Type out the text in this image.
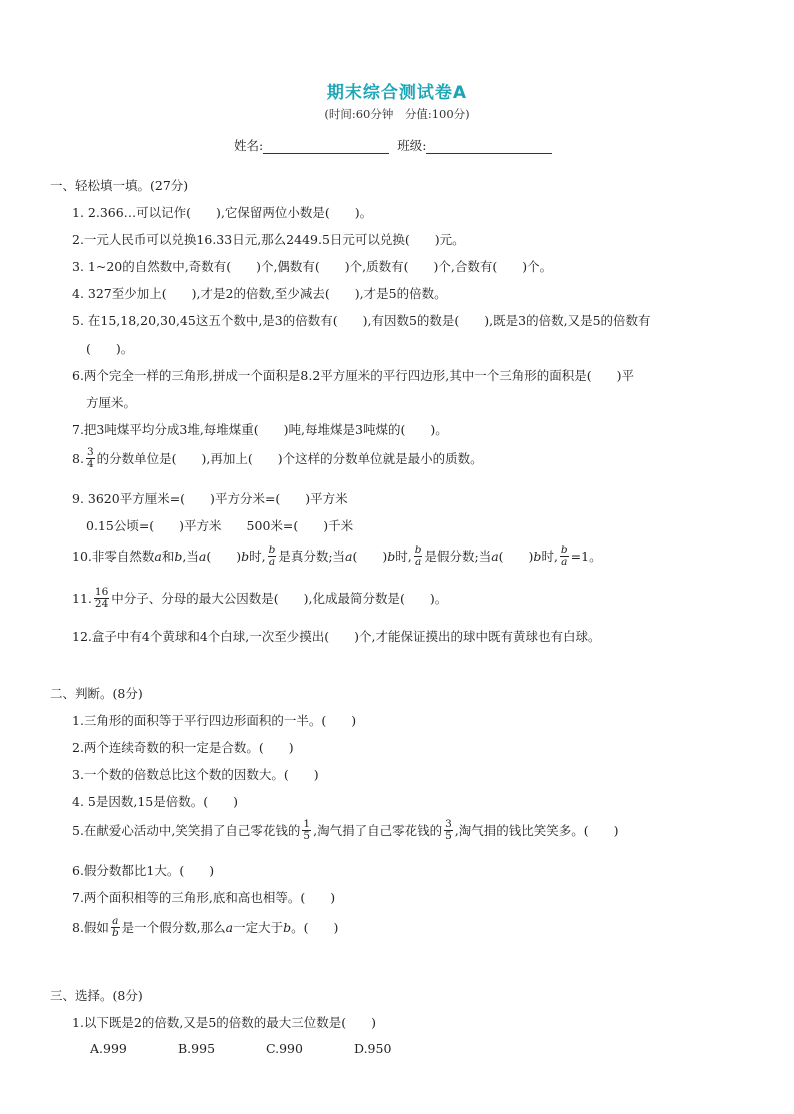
期末综合测试卷A
(时间:60分钟　分值:100分)
姓名:	班级:
一、轻松填一填。(27分)
1. 2.366…可以记作(　　),它保留两位小数是(　　)。
2.一元人民币可以兑换16.33日元,那么2449.5日元可以兑换(　　)元。
3. 1~20的自然数中,奇数有(　　)个,偶数有(　　)个,质数有(　　)个,合数有(　　)个。
4. 327至少加上(　　),才是2的倍数,至少减去(　　),才是5的倍数。
5. 在15,18,20,30,45这五个数中,是3的倍数有(　　),有因数5的数是(　　),既是3的倍数,又是5的倍数有
(　　)。
6.两个完全一样的三角形,拼成一个面积是8.2平方厘米的平行四边形,其中一个三角形的面积是(　　)平
方厘米。
7.把3吨煤平均分成3堆,每堆煤重(　　)吨,每堆煤是3吨煤的(　　)。
8. $\frac{3}{4}$ 的分数单位是(　　),再加上(　　)个这样的分数单位就是最小的质数。
9. 3620平方厘米=(　　)平方分米=(　　)平方米
0.15公顷=(　　)平方米　　500米=(　　)千米
10.非零自然数a和b,当a(　　)b时, $\frac{b}{a}$ 是真分数;当a(　　)b时, $\frac{b}{a}$ 是假分数;当a(　　)b时, $\frac{b}{a} =1$。
11. $\frac{16}{24}$ 中分子、分母的最大公因数是(　　),化成最简分数是(　　)。
12.盒子中有4个黄球和4个白球,一次至少摸出(　　)个,才能保证摸出的球中既有黄球也有白球。
二、判断。(8分)
1.三角形的面积等于平行四边形面积的一半。(　　)
2.两个连续奇数的积一定是合数。(　　)
3.一个数的倍数总比这个数的因数大。(　　)
4. 5是因数,15是倍数。(　　)
5.在献爱心活动中,笑笑捐了自己零花钱的 $\frac{1}{5}$ ,淘气捐了自己零花钱的 $\frac{3}{5}$ ,淘气捐的钱比笑笑多。(　　)
6.假分数都比1大。(　　)
7.两个面积相等的三角形,底和高也相等。(　　)
8.假如 $\frac{a}{b}$ 是一个假分数,那么a一定大于b。(　　)
三、选择。(8分)
1.以下既是2的倍数,又是5的倍数的最大三位数是(　　)
A.999	B.995	C.990	D.950
